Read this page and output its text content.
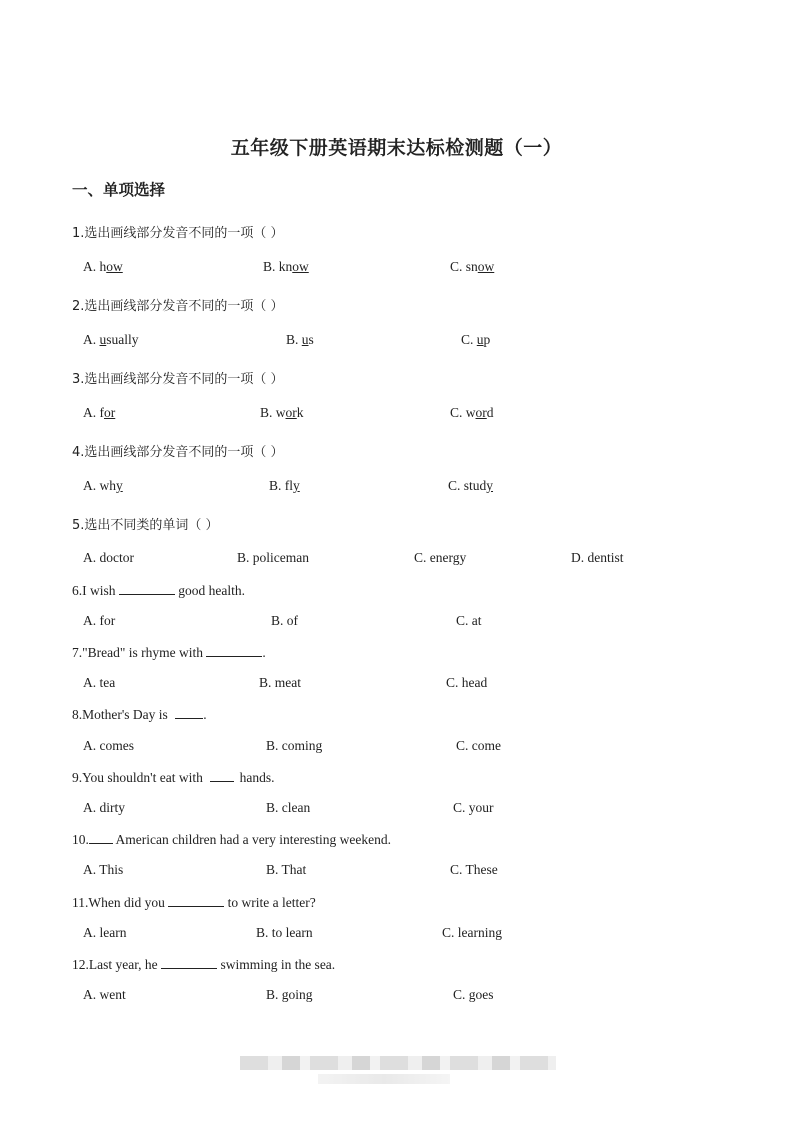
五年级下册英语期末达标检测题（一）
一、单项选择
1.选出画线部分发音不同的一项（ ）
A. how	B. know	C. snow
2.选出画线部分发音不同的一项（ ）
A. usually	B. us	C. up
3.选出画线部分发音不同的一项（ ）
A. for	B. work	C. word
4.选出画线部分发音不同的一项（ ）
A. why	B. fly	C. study
5.选出不同类的单词（ ）
A. doctor	B. policeman	C. energy	D. dentist
6.I wish	good health.
A. for	B. of	C. at
7."Bread" is rhyme with	.
A. tea	B. meat	C. head
8.Mother's Day is .
A. comes	B. coming	C. come
9.You shouldn't eat with  hands.
A. dirty	B. clean	C. your
10. American children had a very interesting weekend.
A. This	B. That	C. These
11.When did you	to write a letter?
A. learn	B. to learn	C. learning
12.Last year, he	swimming in the sea.
A. went	B. going	C. goes
